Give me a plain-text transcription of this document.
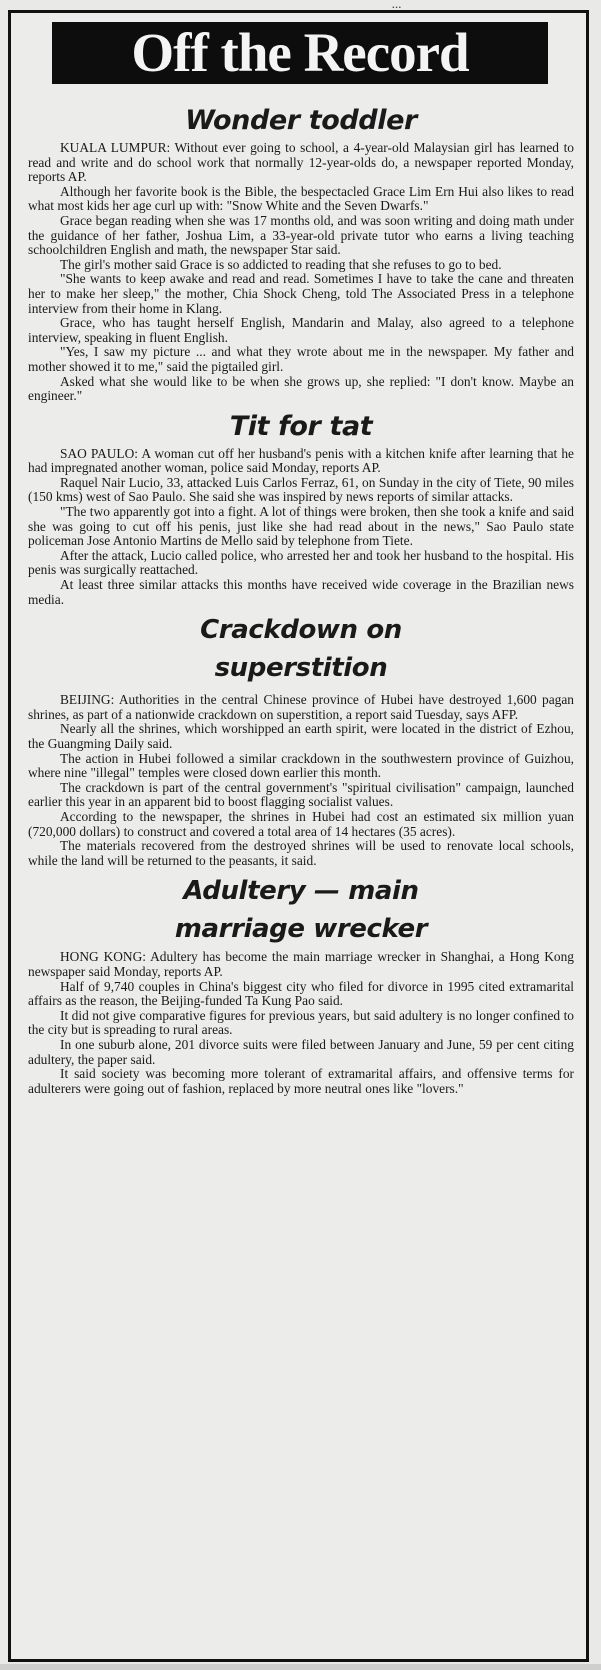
...
Off the Record
Wonder toddler

KUALA LUMPUR: Without ever going to school, a 4-year-old Malaysian girl has learned to read and write and do school work that normally 12-year-olds do, a newspaper reported Monday, reports AP.

Although her favorite book is the Bible, the bespectacled Grace Lim Ern Hui also likes to read what most kids her age curl up with: "Snow White and the Seven Dwarfs."

Grace began reading when she was 17 months old, and was soon writing and doing math under the guidance of her father, Joshua Lim, a 33-year-old private tutor who earns a living teaching schoolchildren English and math, the newspaper Star said.

The girl's mother said Grace is so addicted to reading that she refuses to go to bed.

"She wants to keep awake and read and read. Sometimes I have to take the cane and threaten her to make her sleep," the mother, Chia Shock Cheng, told The Associated Press in a telephone interview from their home in Klang.

Grace, who has taught herself English, Mandarin and Malay, also agreed to a telephone interview, speaking in fluent English.

"Yes, I saw my picture ... and what they wrote about me in the newspaper. My father and mother showed it to me," said the pigtailed girl.

Asked what she would like to be when she grows up, she replied: "I don't know. Maybe an engineer."

Tit for tat

SAO PAULO: A woman cut off her husband's penis with a kitchen knife after learning that he had impregnated another woman, police said Monday, reports AP.

Raquel Nair Lucio, 33, attacked Luis Carlos Ferraz, 61, on Sunday in the city of Tiete, 90 miles (150 kms) west of Sao Paulo. She said she was inspired by news reports of similar attacks.

"The two apparently got into a fight. A lot of things were broken, then she took a knife and said she was going to cut off his penis, just like she had read about in the news," Sao Paulo state policeman Jose Antonio Martins de Mello said by telephone from Tiete.

After the attack, Lucio called police, who arrested her and took her husband to the hospital. His penis was surgically reattached.

At least three similar attacks this months have received wide coverage in the Brazilian news media.

Crackdown on
superstition

BEIJING: Authorities in the central Chinese province of Hubei have destroyed 1,600 pagan shrines, as part of a nationwide crackdown on superstition, a report said Tuesday, says AFP.

Nearly all the shrines, which worshipped an earth spirit, were located in the district of Ezhou, the Guangming Daily said.

The action in Hubei followed a similar crackdown in the southwestern province of Guizhou, where nine "illegal" temples were closed down earlier this month.

The crackdown is part of the central government's "spiritual civilisation" campaign, launched earlier this year in an apparent bid to boost flagging socialist values.

According to the newspaper, the shrines in Hubei had cost an estimated six million yuan (720,000 dollars) to construct and covered a total area of 14 hectares (35 acres).

The materials recovered from the destroyed shrines will be used to renovate local schools, while the land will be returned to the peasants, it said.

Adultery — main
marriage wrecker

HONG KONG: Adultery has become the main marriage wrecker in Shanghai, a Hong Kong newspaper said Monday, reports AP.

Half of 9,740 couples in China's biggest city who filed for divorce in 1995 cited extramarital affairs as the reason, the Beijing-funded Ta Kung Pao said.

It did not give comparative figures for previous years, but said adultery is no longer confined to the city but is spreading to rural areas.

In one suburb alone, 201 divorce suits were filed between January and June, 59 per cent citing adultery, the paper said.

It said society was becoming more tolerant of extramarital affairs, and offensive terms for adulterers were going out of fashion, replaced by more neutral ones like "lovers."
